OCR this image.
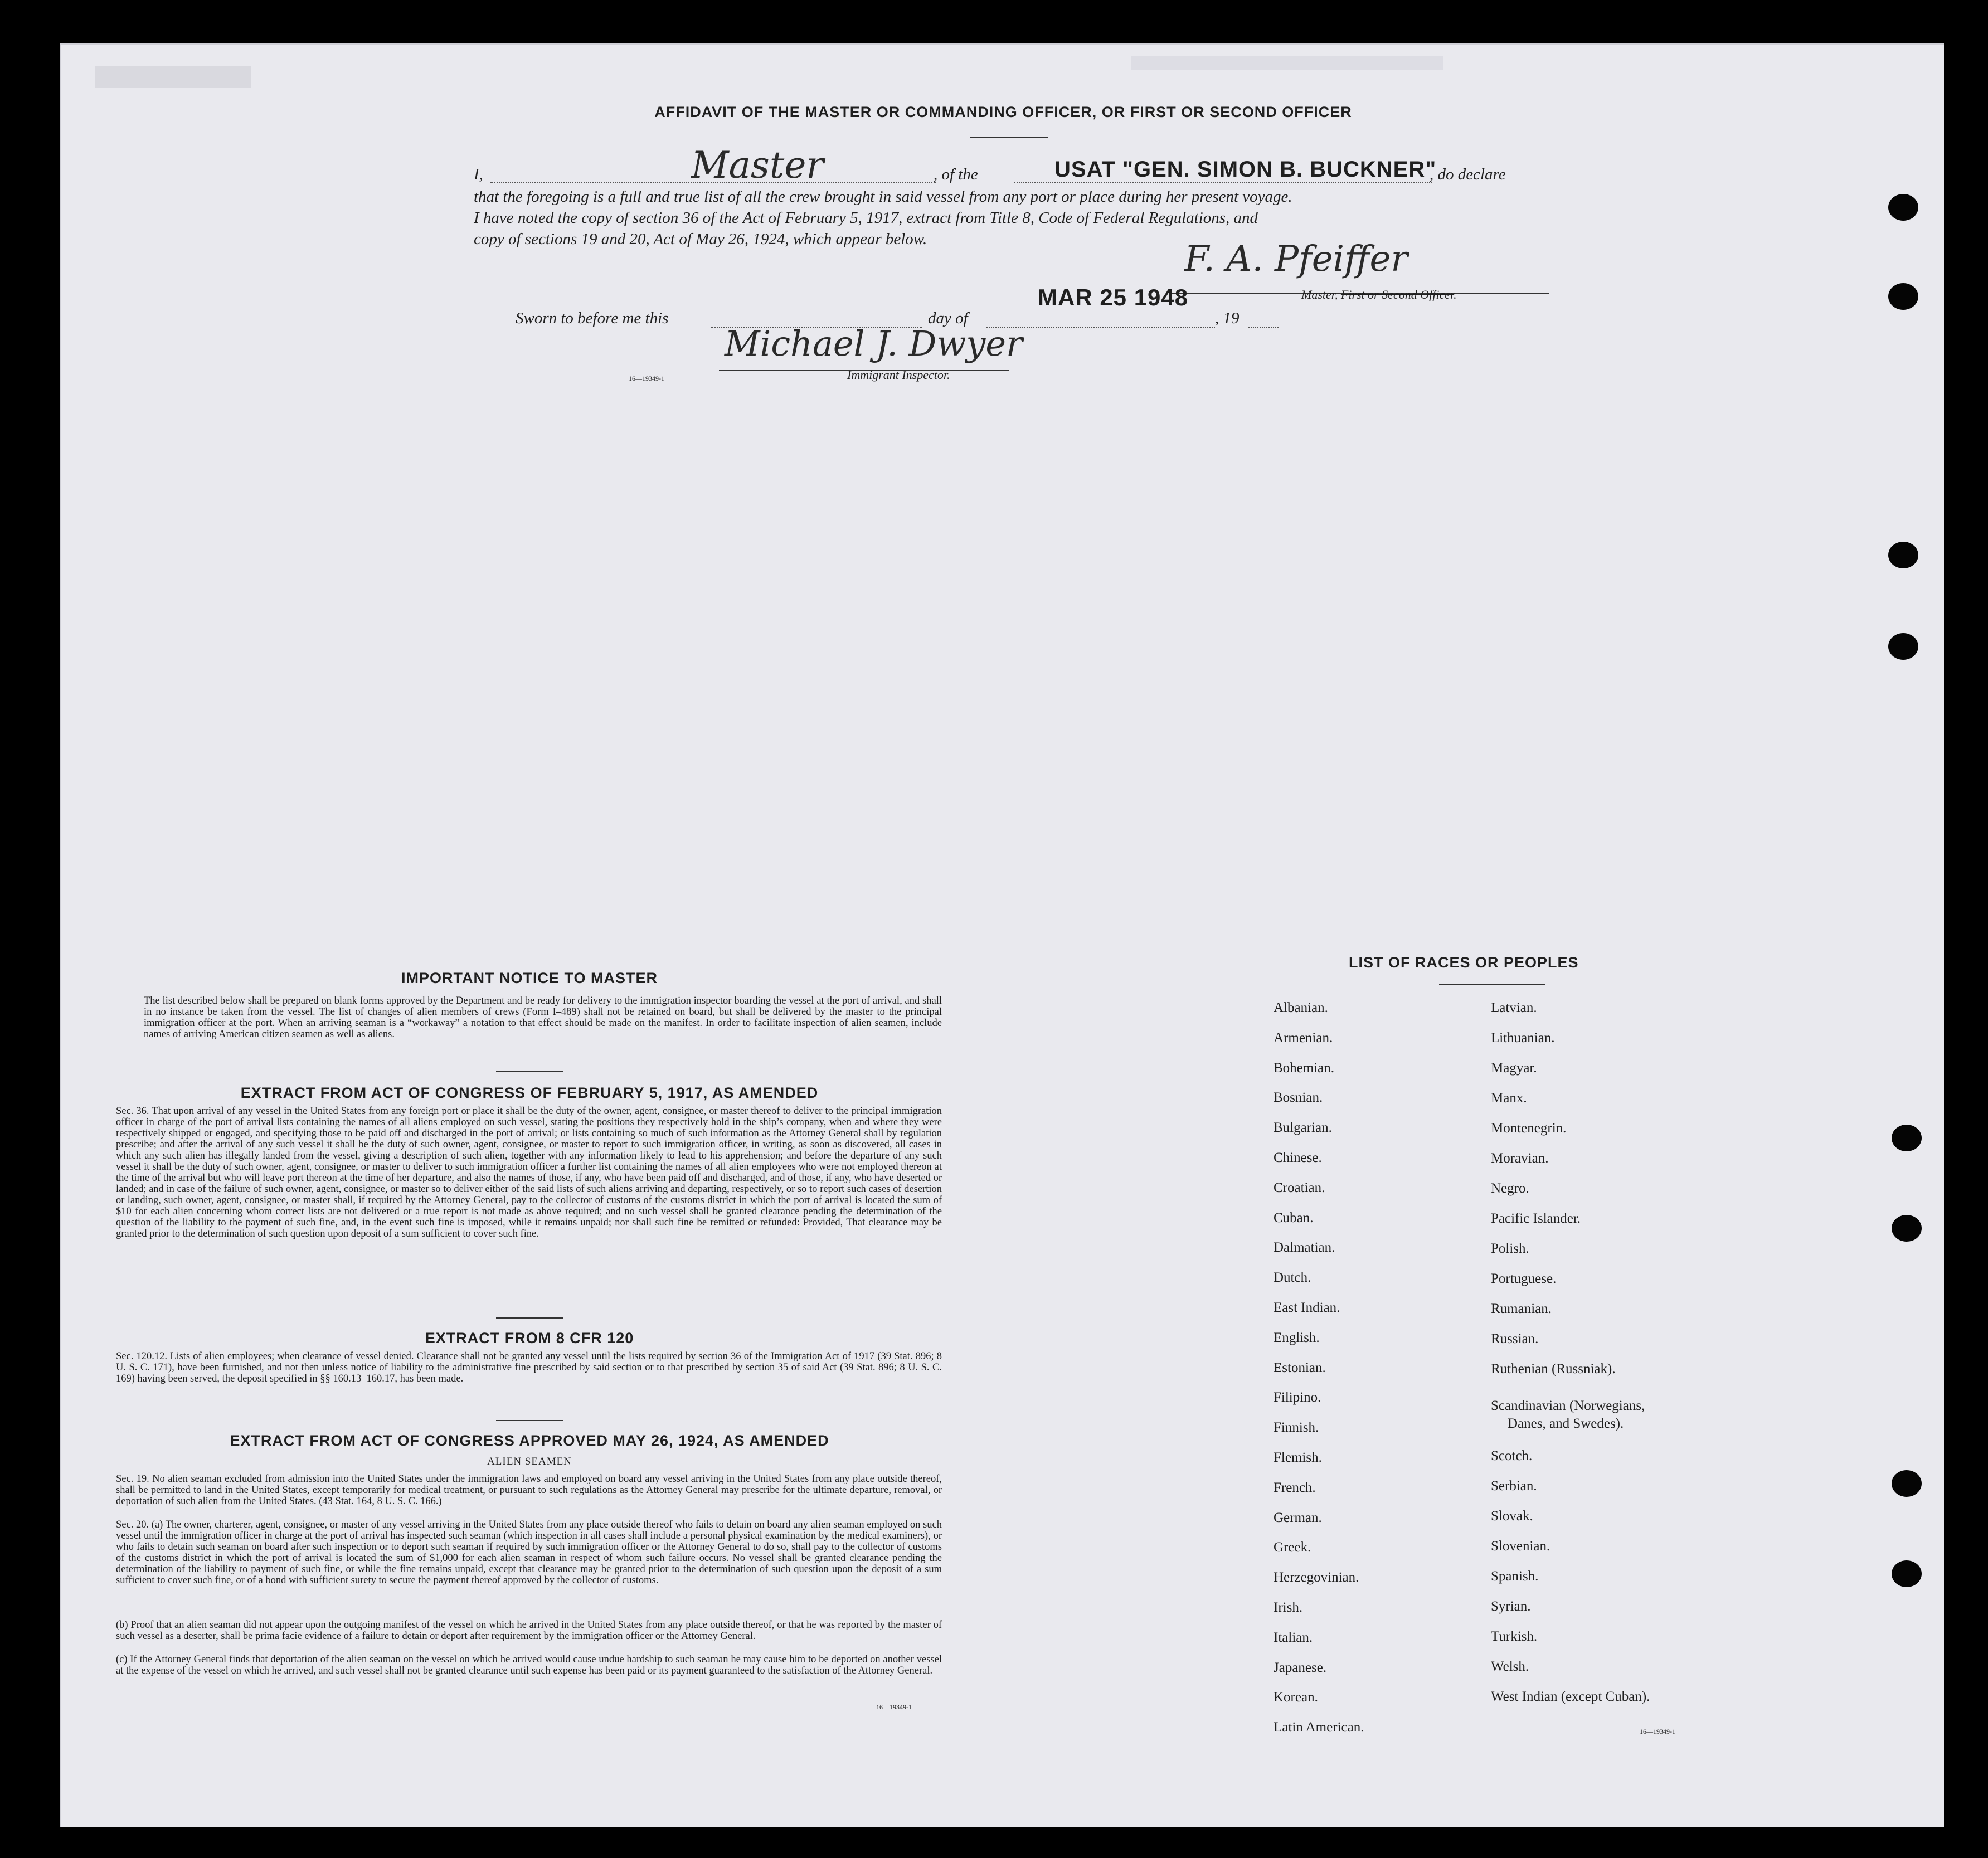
AFFIDAVIT OF THE MASTER OR COMMANDING OFFICER, OR FIRST OR SECOND OFFICER
I,	Master	, of the	USAT "GEN. SIMON B. BUCKNER"
, do declare
that the foregoing is a full and true list of all the crew brought in said vessel from any port or place during her present voyage.
I have noted the copy of section 36 of the Act of February 5, 1917, extract from Title 8, Code of Federal Regulations, and
copy of sections 19 and 20, Act of May 26, 1924, which appear below.	F. A. Pfeiffer
Master, First or Second Officer.
Sworn to before me this	day of
MAR 25 1948
, 19
Michael J. Dwyer
Immigrant Inspector.
16—19349-1
IMPORTANT NOTICE TO MASTER
The list described below shall be prepared on blank forms approved by the Department and be ready for delivery to the immigration inspector boarding the vessel at the port of arrival, and shall in no instance be taken from the vessel. The list of changes of alien members of crews (Form I–489) shall not be retained on board, but shall be delivered by the master to the principal immigration officer at the port. When an arriving seaman is a “workaway” a notation to that effect should be made on the manifest. In order to facilitate inspection of alien seamen, include names of arriving American citizen seamen as well as aliens.
EXTRACT FROM ACT OF CONGRESS OF FEBRUARY 5, 1917, AS AMENDED
Sec. 36. That upon arrival of any vessel in the United States from any foreign port or place it shall be the duty of the owner, agent, consignee, or master thereof to deliver to the principal immigration officer in charge of the port of arrival lists containing the names of all aliens employed on such vessel, stating the positions they respectively hold in the ship’s company, when and where they were respectively shipped or engaged, and specifying those to be paid off and discharged in the port of arrival; or lists containing so much of such information as the Attorney General shall by regulation prescribe; and after the arrival of any such vessel it shall be the duty of such owner, agent, consignee, or master to report to such immigration officer, in writing, as soon as discovered, all cases in which any such alien has illegally landed from the vessel, giving a description of such alien, together with any information likely to lead to his apprehension; and before the departure of any such vessel it shall be the duty of such owner, agent, consignee, or master to deliver to such immigration officer a further list containing the names of all alien employees who were not employed thereon at the time of the arrival but who will leave port thereon at the time of her departure, and also the names of those, if any, who have been paid off and discharged, and of those, if any, who have deserted or landed; and in case of the failure of such owner, agent, consignee, or master so to deliver either of the said lists of such aliens arriving and departing, respectively, or so to report such cases of desertion or landing, such owner, agent, consignee, or master shall, if required by the Attorney General, pay to the collector of customs of the customs district in which the port of arrival is located the sum of $10 for each alien concerning whom correct lists are not delivered or a true report is not made as above required; and no such vessel shall be granted clearance pending the determination of the question of the liability to the payment of such fine, and, in the event such fine is imposed, while it remains unpaid; nor shall such fine be remitted or refunded: Provided, That clearance may be granted prior to the determination of such question upon deposit of a sum sufficient to cover such fine.
EXTRACT FROM 8 CFR 120
Sec. 120.12. Lists of alien employees; when clearance of vessel denied. Clearance shall not be granted any vessel until the lists required by section 36 of the Immigration Act of 1917 (39 Stat. 896; 8 U. S. C. 171), have been furnished, and not then unless notice of liability to the administrative fine prescribed by said section or to that prescribed by section 35 of said Act (39 Stat. 896; 8 U. S. C. 169) having been served, the deposit specified in §§ 160.13–160.17, has been made.
EXTRACT FROM ACT OF CONGRESS APPROVED MAY 26, 1924, AS AMENDED
ALIEN SEAMEN
Sec. 19. No alien seaman excluded from admission into the United States under the immigration laws and employed on board any vessel arriving in the United States from any place outside thereof, shall be permitted to land in the United States, except temporarily for medical treatment, or pursuant to such regulations as the Attorney General may prescribe for the ultimate departure, removal, or deportation of such alien from the United States. (43 Stat. 164, 8 U. S. C. 166.)
Sec. 20. (a) The owner, charterer, agent, consignee, or master of any vessel arriving in the United States from any place outside thereof who fails to detain on board any alien seaman employed on such vessel until the immigration officer in charge at the port of arrival has inspected such seaman (which inspection in all cases shall include a personal physical examination by the medical examiners), or who fails to detain such seaman on board after such inspection or to deport such seaman if required by such immigration officer or the Attorney General to do so, shall pay to the collector of customs of the customs district in which the port of arrival is located the sum of $1,000 for each alien seaman in respect of whom such failure occurs. No vessel shall be granted clearance pending the determination of the liability to payment of such fine, or while the fine remains unpaid, except that clearance may be granted prior to the determination of such question upon the deposit of a sum sufficient to cover such fine, or of a bond with sufficient surety to secure the payment thereof approved by the collector of customs.
(b) Proof that an alien seaman did not appear upon the outgoing manifest of the vessel on which he arrived in the United States from any place outside thereof, or that he was reported by the master of such vessel as a deserter, shall be prima facie evidence of a failure to detain or deport after requirement by the immigration officer or the Attorney General.
(c) If the Attorney General finds that deportation of the alien seaman on the vessel on which he arrived would cause undue hardship to such seaman he may cause him to be deported on another vessel at the expense of the vessel on which he arrived, and such vessel shall not be granted clearance until such expense has been paid or its payment guaranteed to the satisfaction of the Attorney General.
16—19349-1
LIST OF RACES OR PEOPLES
Albanian.
Armenian.
Bohemian.
Bosnian.
Bulgarian.
Chinese.
Croatian.
Cuban.
Dalmatian.
Dutch.
East Indian.
English.
Estonian.
Filipino.
Finnish.
Flemish.
French.
German.
Greek.
Herzegovinian.
Irish.
Italian.
Japanese.
Korean.
Latin American.
Latvian.
Lithuanian.
Magyar.
Manx.
Montenegrin.
Moravian.
Negro.
Pacific Islander.
Polish.
Portuguese.
Rumanian.
Russian.
Ruthenian (Russniak).
Scandinavian (Norwegians,
Danes, and Swedes).
Scotch.
Serbian.
Slovak.
Slovenian.
Spanish.
Syrian.
Turkish.
Welsh.
West Indian (except Cuban).
16—19349-1
